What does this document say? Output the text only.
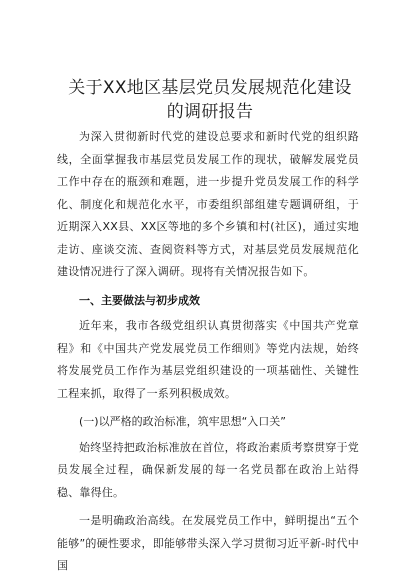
关于XX地区基层党员发展规范化建设的调研报告

为深入贯彻新时代党的建设总要求和新时代党的组织路线，全面掌握我市基层党员发展工作的现状，破解发展党员工作中存在的瓶颈和难题，进一步提升党员发展工作的科学化、制度化和规范化水平，市委组织部组建专题调研组，于近期深入XX县、XX区等地的多个乡镇和村(社区)，通过实地走访、座谈交流、查阅资料等方式，对基层党员发展规范化建设情况进行了深入调研。现将有关情况报告如下。

一、主要做法与初步成效

近年来，我市各级党组织认真贯彻落实《中国共产党章程》和《中国共产党发展党员工作细则》等党内法规，始终将发展党员工作作为基层党组织建设的一项基础性、关键性工程来抓，取得了一系列积极成效。

(一)以严格的政治标准，筑牢思想“入口关”

始终坚持把政治标准放在首位，将政治素质考察贯穿于党员发展全过程，确保新发展的每一名党员都在政治上站得稳、靠得住。

一是明确政治高线。在发展党员工作中，鲜明提出“五个能够”的硬性要求，即能够带头深入学习贯彻习近平新-时代中国
